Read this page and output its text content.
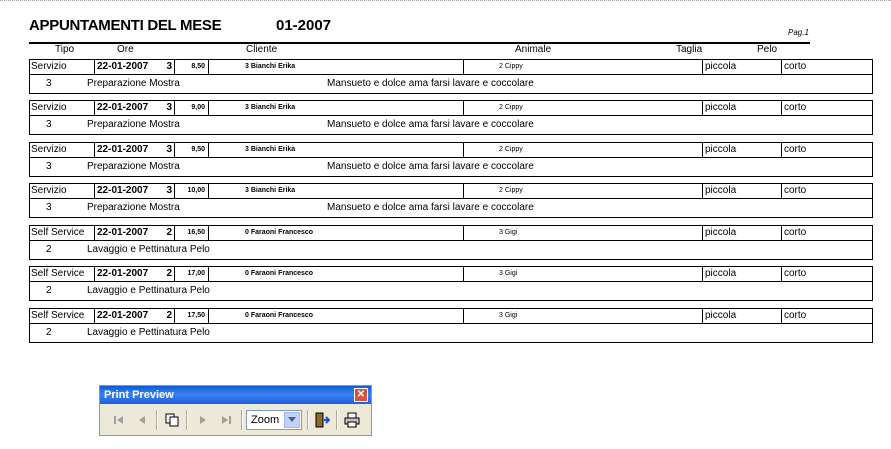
APPUNTAMENTI DEL MESE	01-2007	Pag.1
Tipo	Ore	Cliente	Animale	Taglia	Pelo
Servizio	22-01-2007	3	8,50	3 Bianchi Erika	2 Cippy	piccola	corto
3	Preparazione Mostra	Mansueto e dolce ama farsi lavare e coccolare
Servizio	22-01-2007	3	9,00	3 Bianchi Erika	2 Cippy	piccola	corto
3	Preparazione Mostra	Mansueto e dolce ama farsi lavare e coccolare
Servizio	22-01-2007	3	9,50	3 Bianchi Erika	2 Cippy	piccola	corto
3	Preparazione Mostra	Mansueto e dolce ama farsi lavare e coccolare
Servizio	22-01-2007	3	10,00	3 Bianchi Erika	2 Cippy	piccola	corto
3	Preparazione Mostra	Mansueto e dolce ama farsi lavare e coccolare
Self Service	22-01-2007	2	16,50	0 Faraoni Francesco	3 Gigi	piccola	corto
2	Lavaggio e Pettinatura Pelo
Self Service	22-01-2007	2	17,00	0 Faraoni Francesco	3 Gigi	piccola	corto
2	Lavaggio e Pettinatura Pelo
Self Service	22-01-2007	2	17,50	0 Faraoni Francesco	3 Gigi	piccola	corto
2	Lavaggio e Pettinatura Pelo
Print Preview	✕
Zoom
